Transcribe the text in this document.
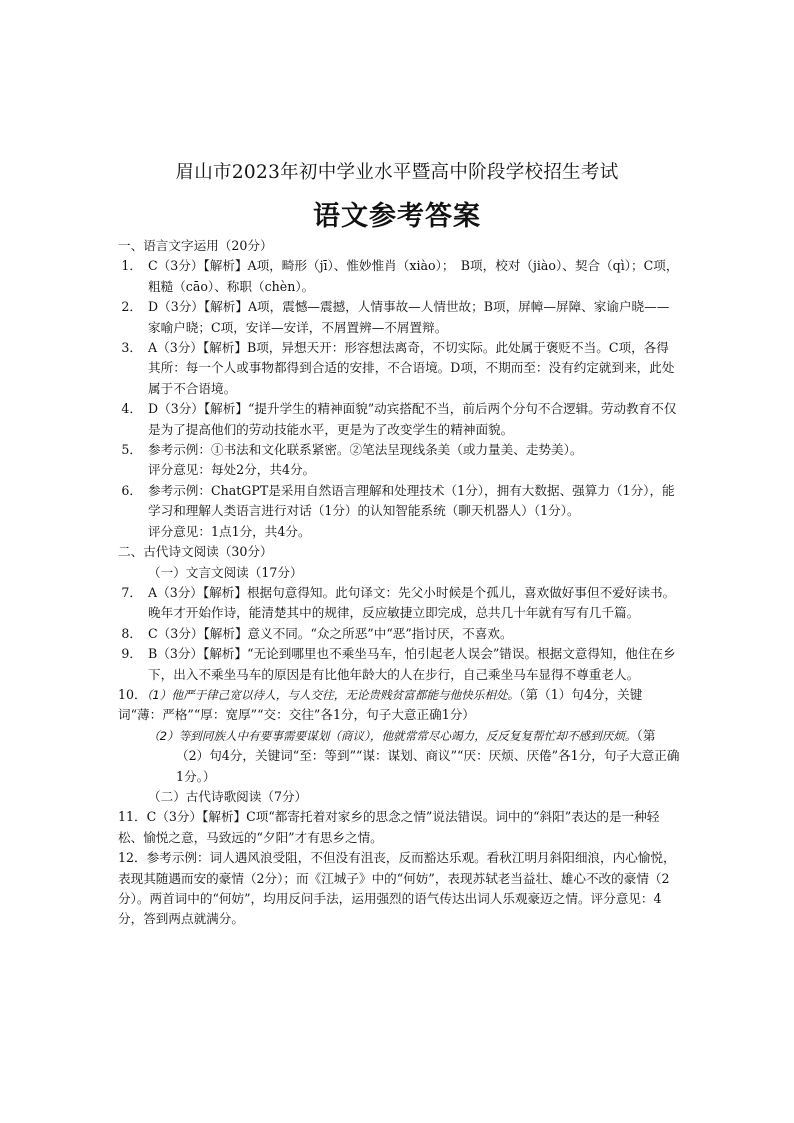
眉山市2023年初中学业水平暨高中阶段学校招生考试
语文参考答案

一、语言文字运用（20分）

1． C（3分）【解析】A项，畸形（jī）、惟妙惟肖（xiào）；　B项，校对（jiào）、契合（qì）；C项，粗糙（cāo）、称职（chèn）。
2． D（3分）【解析】A项，震憾—震撼，人情事故—人情世故；B项，屏幛—屏障、家谕户晓——家喻户晓；C项，安详—安详，不屑置辨—不屑置辩。
3． A（3分）【解析】B项，异想天开：形容想法离奇，不切实际。此处属于褒贬不当。C项，各得其所：每一个人或事物都得到合适的安排，不合语境。D项，不期而至：没有约定就到来，此处属于不合语境。
4． D（3分）【解析】“提升学生的精神面貌”动宾搭配不当，前后两个分句不合逻辑。劳动教育不仅是为了提高他们的劳动技能水平，更是为了改变学生的精神面貌。
5． 参考示例：①书法和文化联系紧密。②笔法呈现线条美（或力量美、走势美）。
评分意见：每处2分，共4分。
6． 参考示例：ChatGPT是采用自然语言理解和处理技术（1分），拥有大数据、强算力（1分），能学习和理解人类语言进行对话（1分）的认知智能系统（聊天机器人）（1分）。
评分意见：1点1分，共4分。

二、古代诗文阅读（30分）

（一）文言文阅读（17分）

7． A（3分）【解析】根据句意得知。此句译文：先父小时候是个孤儿，喜欢做好事但不爱好读书。晚年才开始作诗，能清楚其中的规律，反应敏捷立即完成，总共几十年就有写有几千篇。
8． C（3分）【解析】意义不同。“众之所恶”中“恶”指讨厌，不喜欢。
9． B（3分）【解析】“无论到哪里也不乘坐马车，怕引起老人误会”错误。根据文意得知，他住在乡下，出入不乘坐马车的原因是有比他年龄大的人在步行，自己乘坐马车显得不尊重老人。
10．（1）他严于律己宽以待人，与人交往，无论贵贱贫富都能与他快乐相处。（第（1）句4分，关键词“薄：严格”“厚：宽厚”“交：交往”各1分，句子大意正确1分）
（2）等到同族人中有要事需要谋划（商议），他就常常尽心竭力，反反复复帮忙却不感到厌烦。（第（2）句4分，关键词“至：等到”“谋：谋划、商议”“厌：厌烦、厌倦”各1分，句子大意正确1分。）

（二）古代诗歌阅读（7分）

11．C（3分）【解析】C项“都寄托着对家乡的思念之情”说法错误。词中的“斜阳”表达的是一种轻松、愉悦之意，马致远的“夕阳”才有思乡之情。
12．参考示例：词人遇风浪受阻，不但没有沮丧，反而豁达乐观。看秋江明月斜阳细浪，内心愉悦，表现其随遇而安的豪情（2分）；而《江城子》中的“何妨”，表现苏轼老当益壮、雄心不改的豪情（2分）。两首词中的“何妨”，均用反问手法，运用强烈的语气传达出词人乐观豪迈之情。评分意见：4分，答到两点就满分。
